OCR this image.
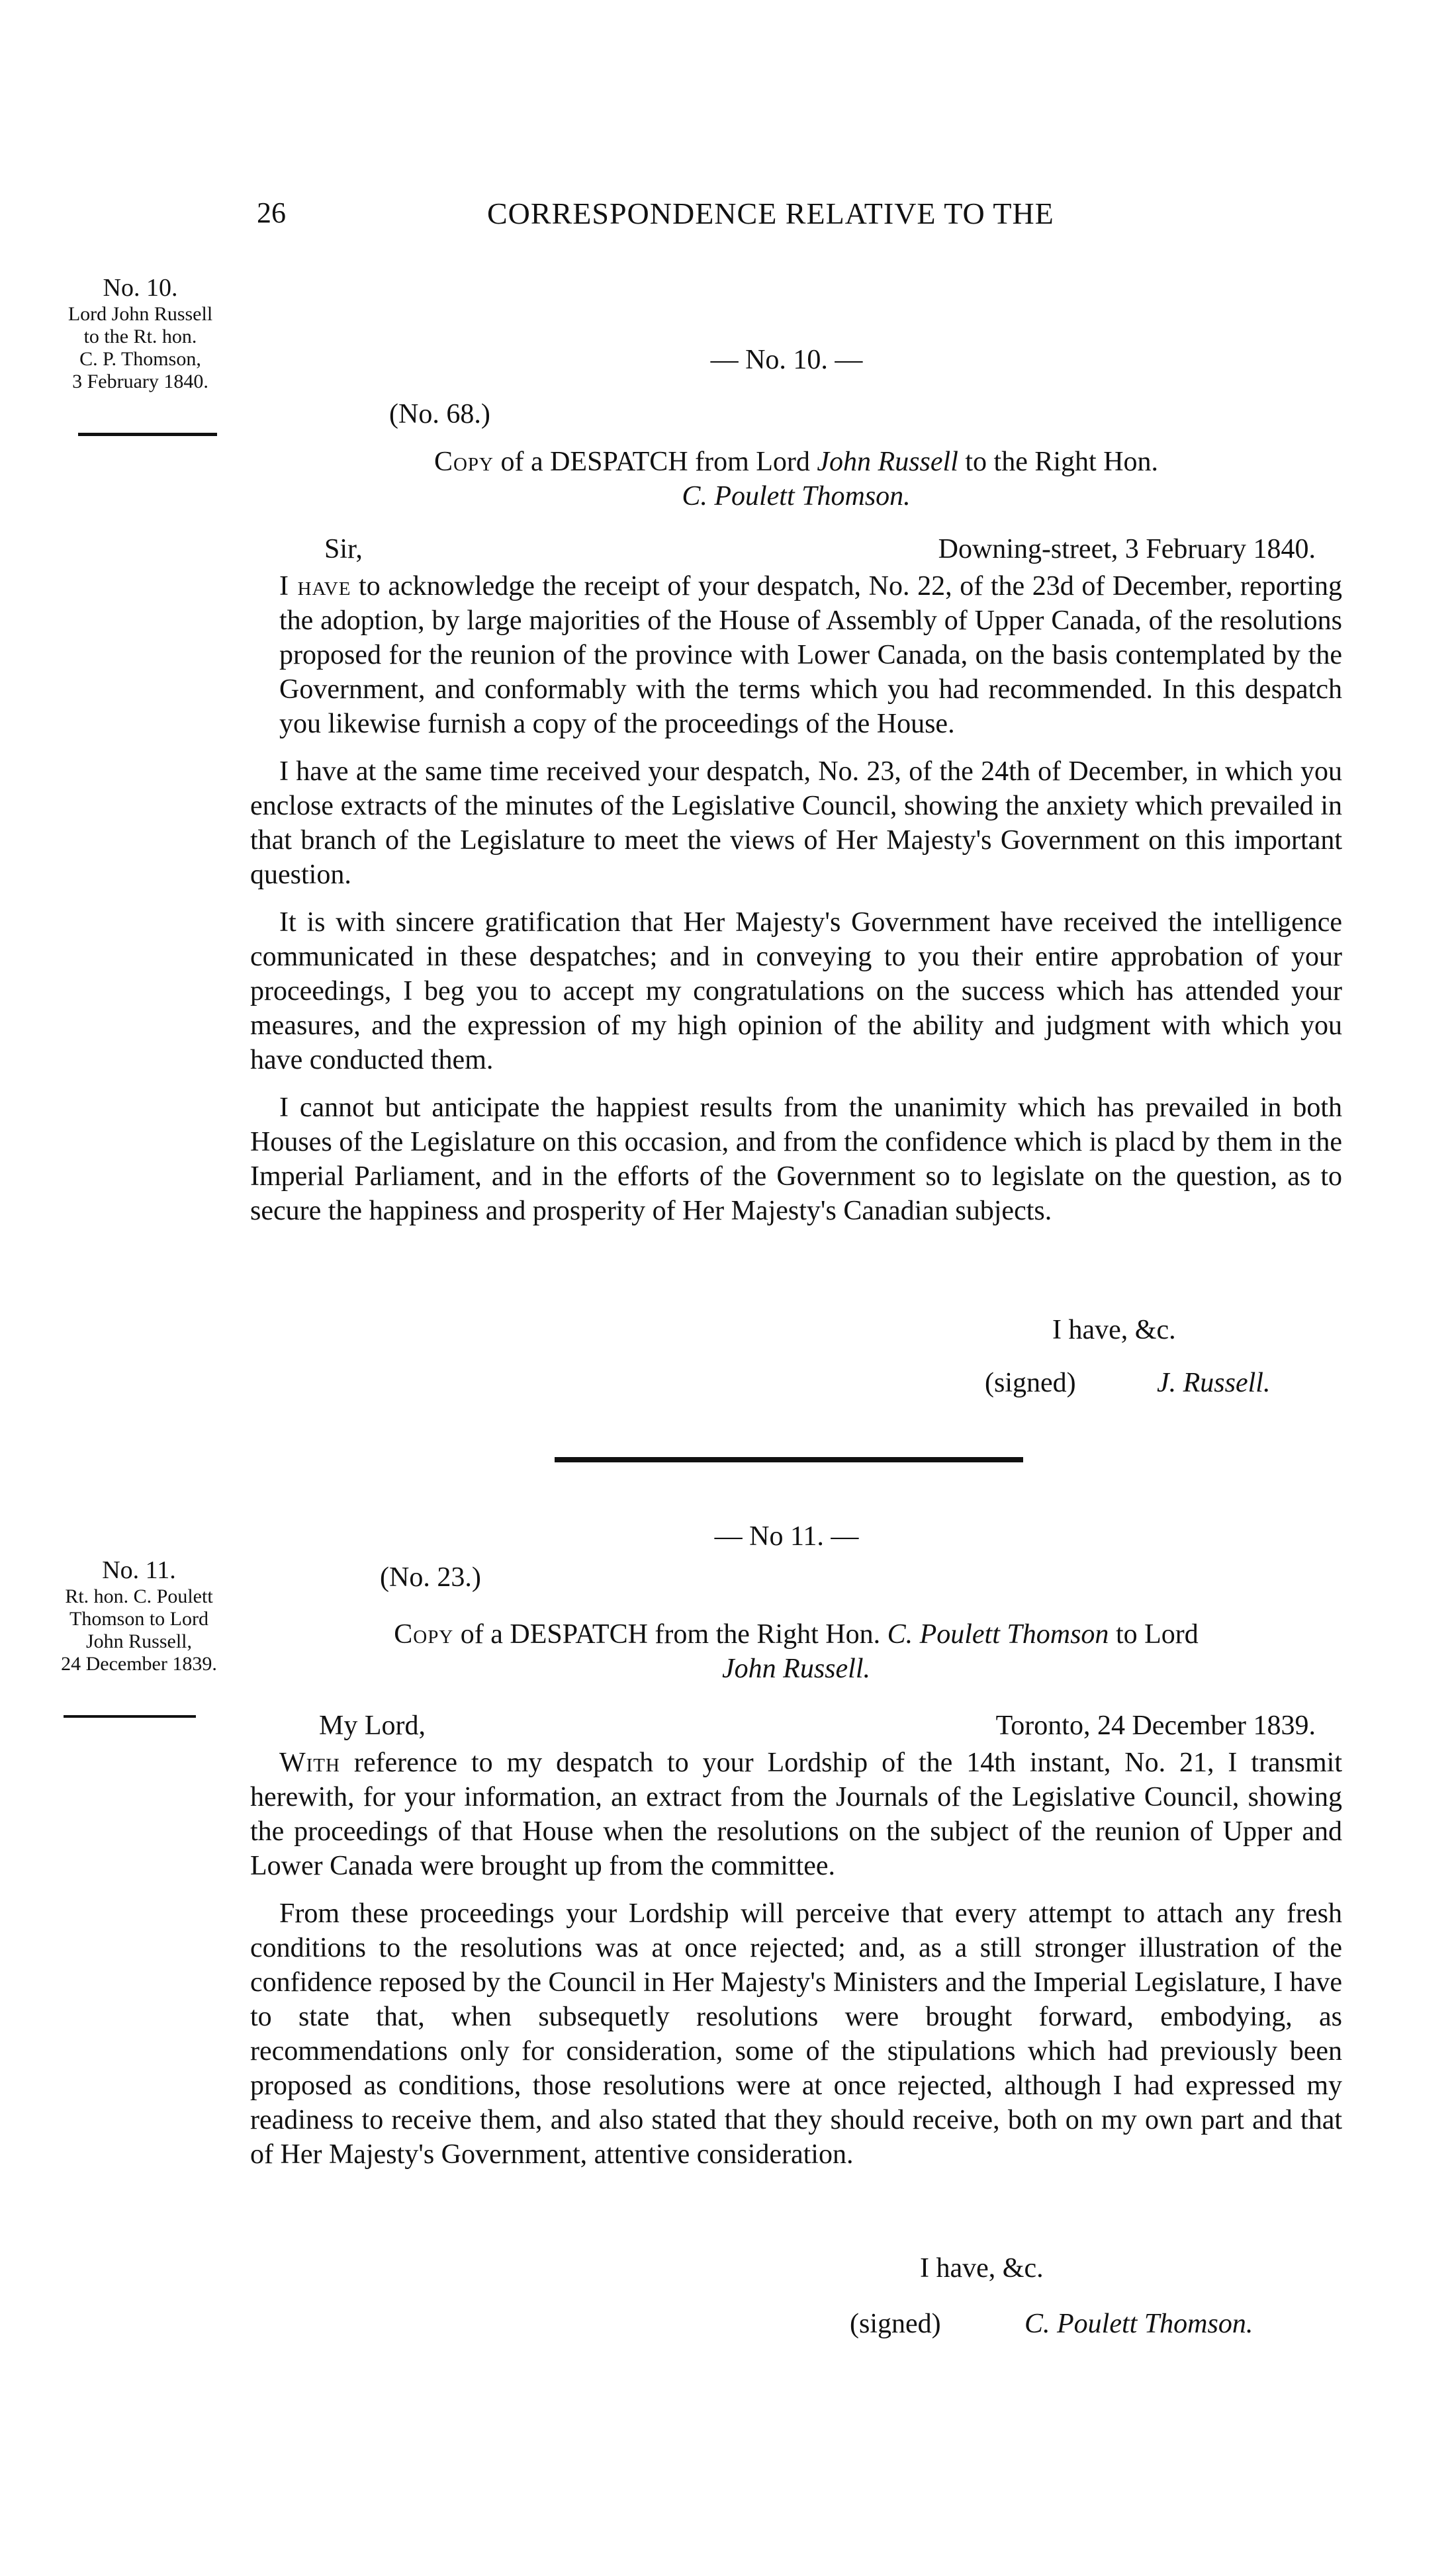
26	CORRESPONDENCE RELATIVE TO THE
No. 10.
Lord John Russell
to the Rt. hon.
C. P. Thomson,
3 February 1840.
— No. 10. —
(No. 68.)
Copy of a DESPATCH from Lord John Russell to the Right Hon.
C. Poulett Thomson.
Sir,	Downing-street, 3 February 1840.

I have to acknowledge the receipt of your despatch, No. 22, of the 23d of December, reporting the adoption, by large majorities of the House of Assembly of Upper Canada, of the resolutions proposed for the reunion of the province with Lower Canada, on the basis contemplated by the Government, and conformably with the terms which you had recommended. In this despatch you likewise furnish a copy of the proceedings of the House.

I have at the same time received your despatch, No. 23, of the 24th of December, in which you enclose extracts of the minutes of the Legislative Council, showing the anxiety which prevailed in that branch of the Legislature to meet the views of Her Majesty's Government on this important question.

It is with sincere gratification that Her Majesty's Government have received the intelligence communicated in these despatches; and in conveying to you their entire approbation of your proceedings, I beg you to accept my congratulations on the success which has attended your measures, and the expression of my high opinion of the ability and judgment with which you have conducted them.

I cannot but anticipate the happiest results from the unanimity which has prevailed in both Houses of the Legislature on this occasion, and from the confidence which is placd by them in the Imperial Parliament, and in the efforts of the Government so to legislate on the question, as to secure the happiness and prosperity of Her Majesty's Canadian subjects.

I have, &c.
(signed)	J. Russell.
— No 11. —
No. 11.
Rt. hon. C. Poulett
Thomson to Lord
John Russell,
24 December 1839.
(No. 23.)
Copy of a DESPATCH from the Right Hon. C. Poulett Thomson to Lord
John Russell.
My Lord,	Toronto, 24 December 1839.

With reference to my despatch to your Lordship of the 14th instant, No. 21, I transmit herewith, for your information, an extract from the Journals of the Legislative Council, showing the proceedings of that House when the resolutions on the subject of the reunion of Upper and Lower Canada were brought up from the committee.

From these proceedings your Lordship will perceive that every attempt to attach any fresh conditions to the resolutions was at once rejected; and, as a still stronger illustration of the confidence reposed by the Council in Her Majesty's Ministers and the Imperial Legislature, I have to state that, when subsequetly resolutions were brought forward, embodying, as recommendations only for consideration, some of the stipulations which had previously been proposed as conditions, those resolutions were at once rejected, although I had expressed my readiness to receive them, and also stated that they should receive, both on my own part and that of Her Majesty's Government, attentive consideration.

I have, &c.
(signed)	C. Poulett Thomson.
